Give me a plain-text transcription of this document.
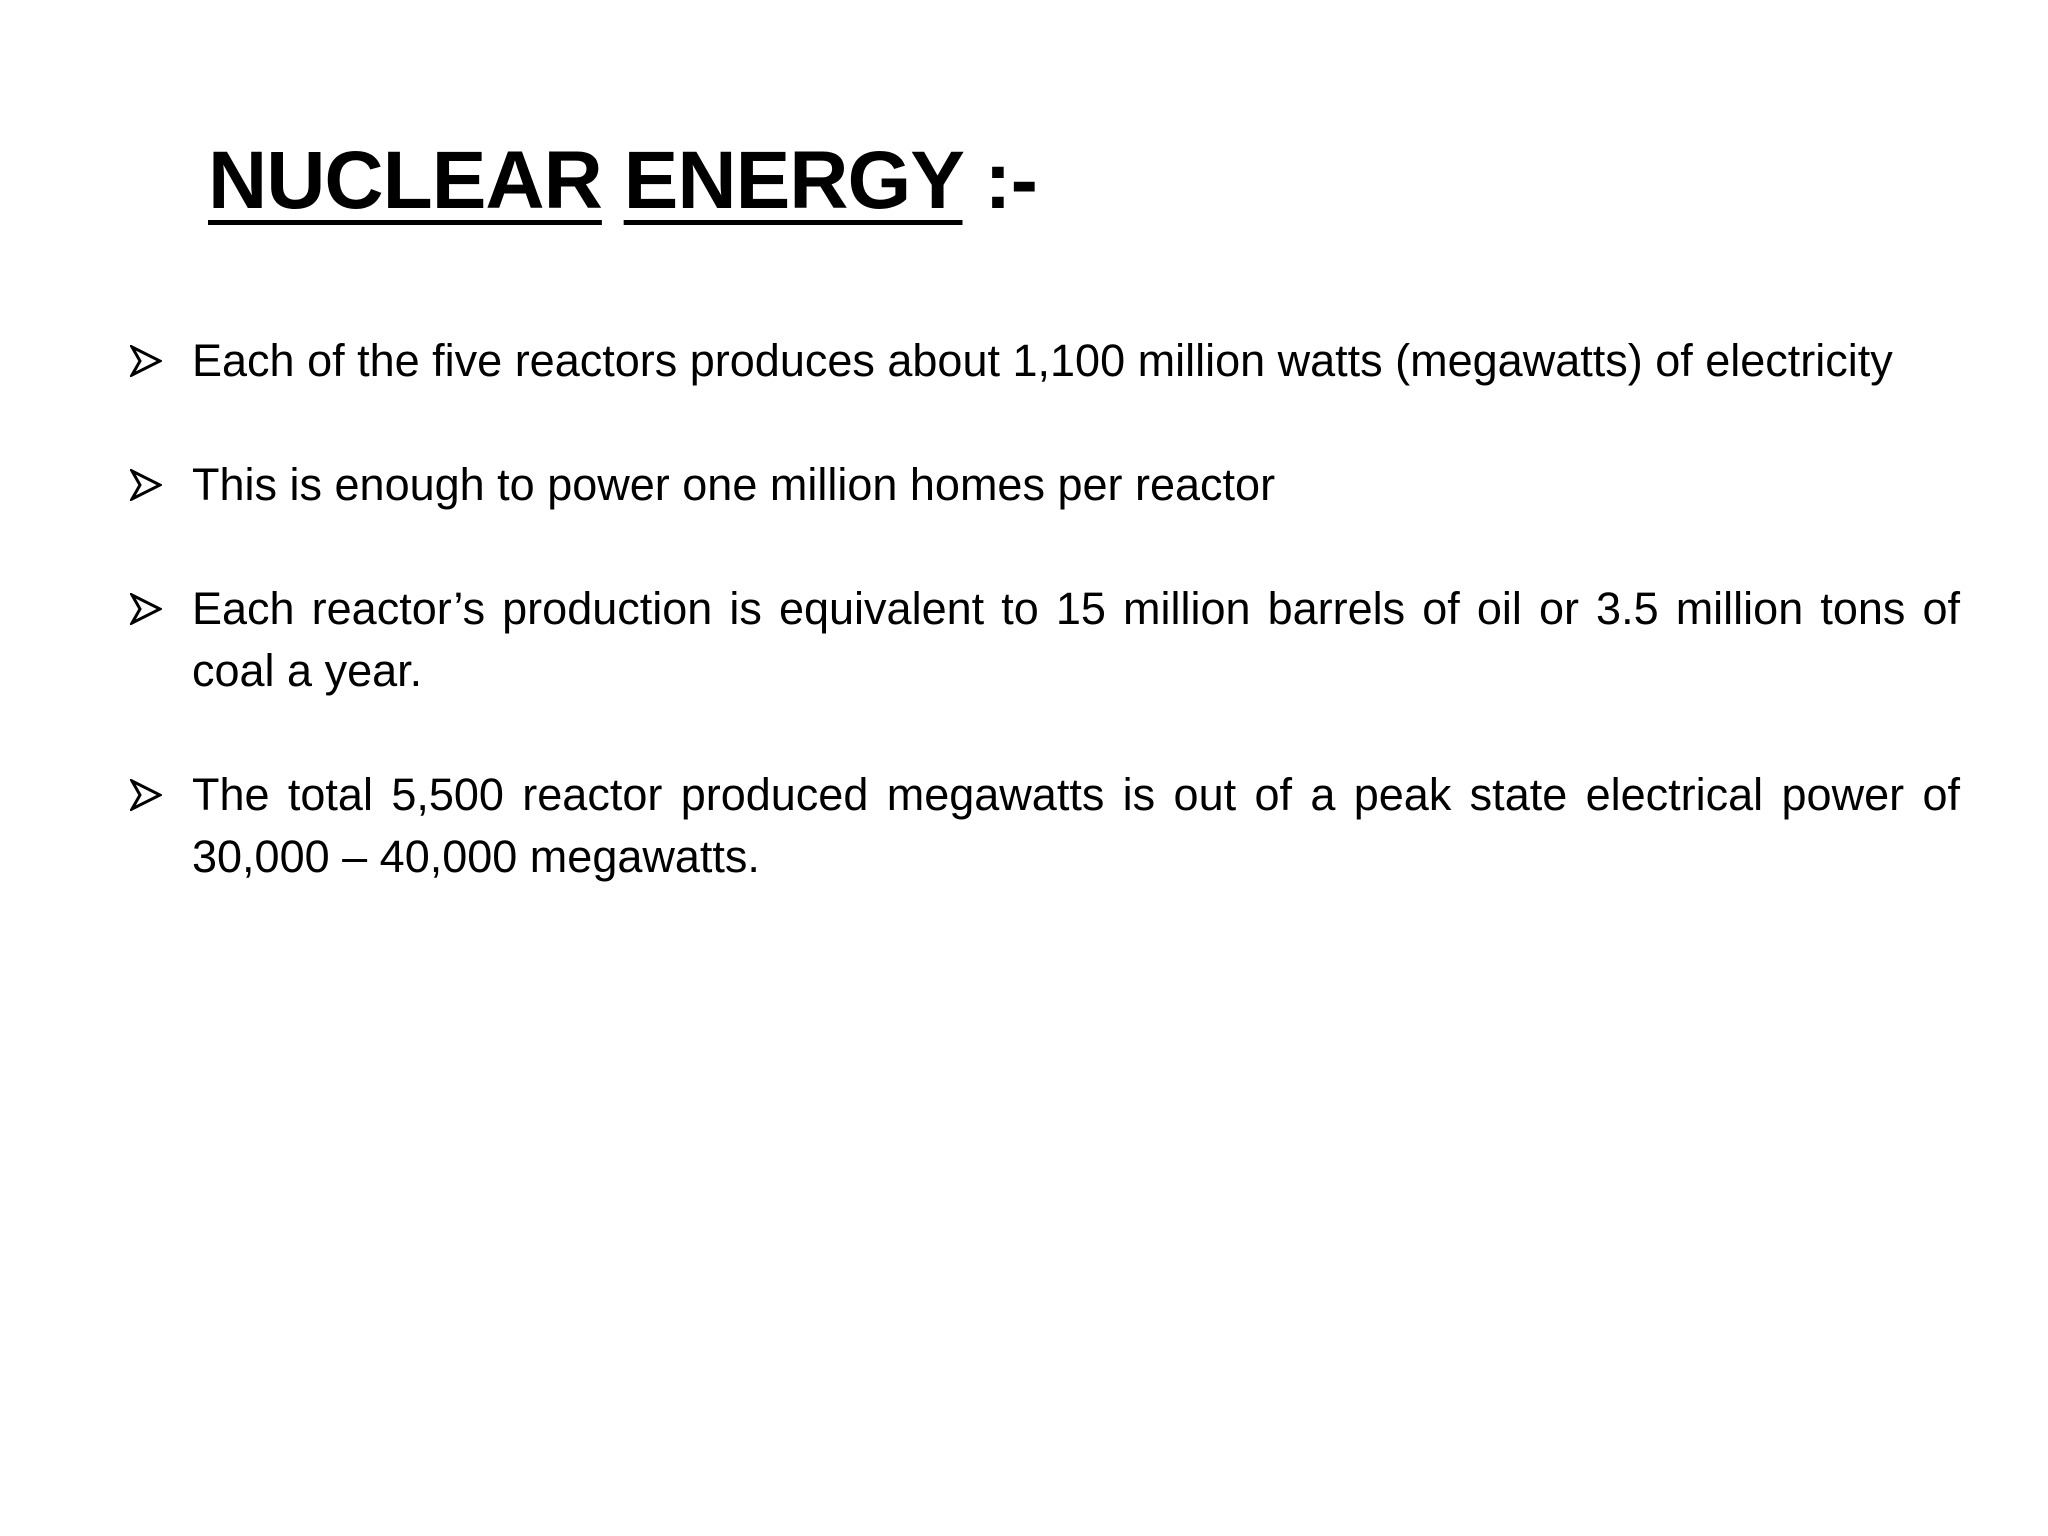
NUCLEAR ENERGY :-
Each of the five reactors produces about 1,100 million watts (megawatts) of electricity
This is enough to power one million homes per reactor
Each reactor’s production is equivalent to 15 million barrels of oil or 3.5 million tons of coal a year.
The total 5,500 reactor produced megawatts is out of a peak state electrical power of 30,000 – 40,000 megawatts.
